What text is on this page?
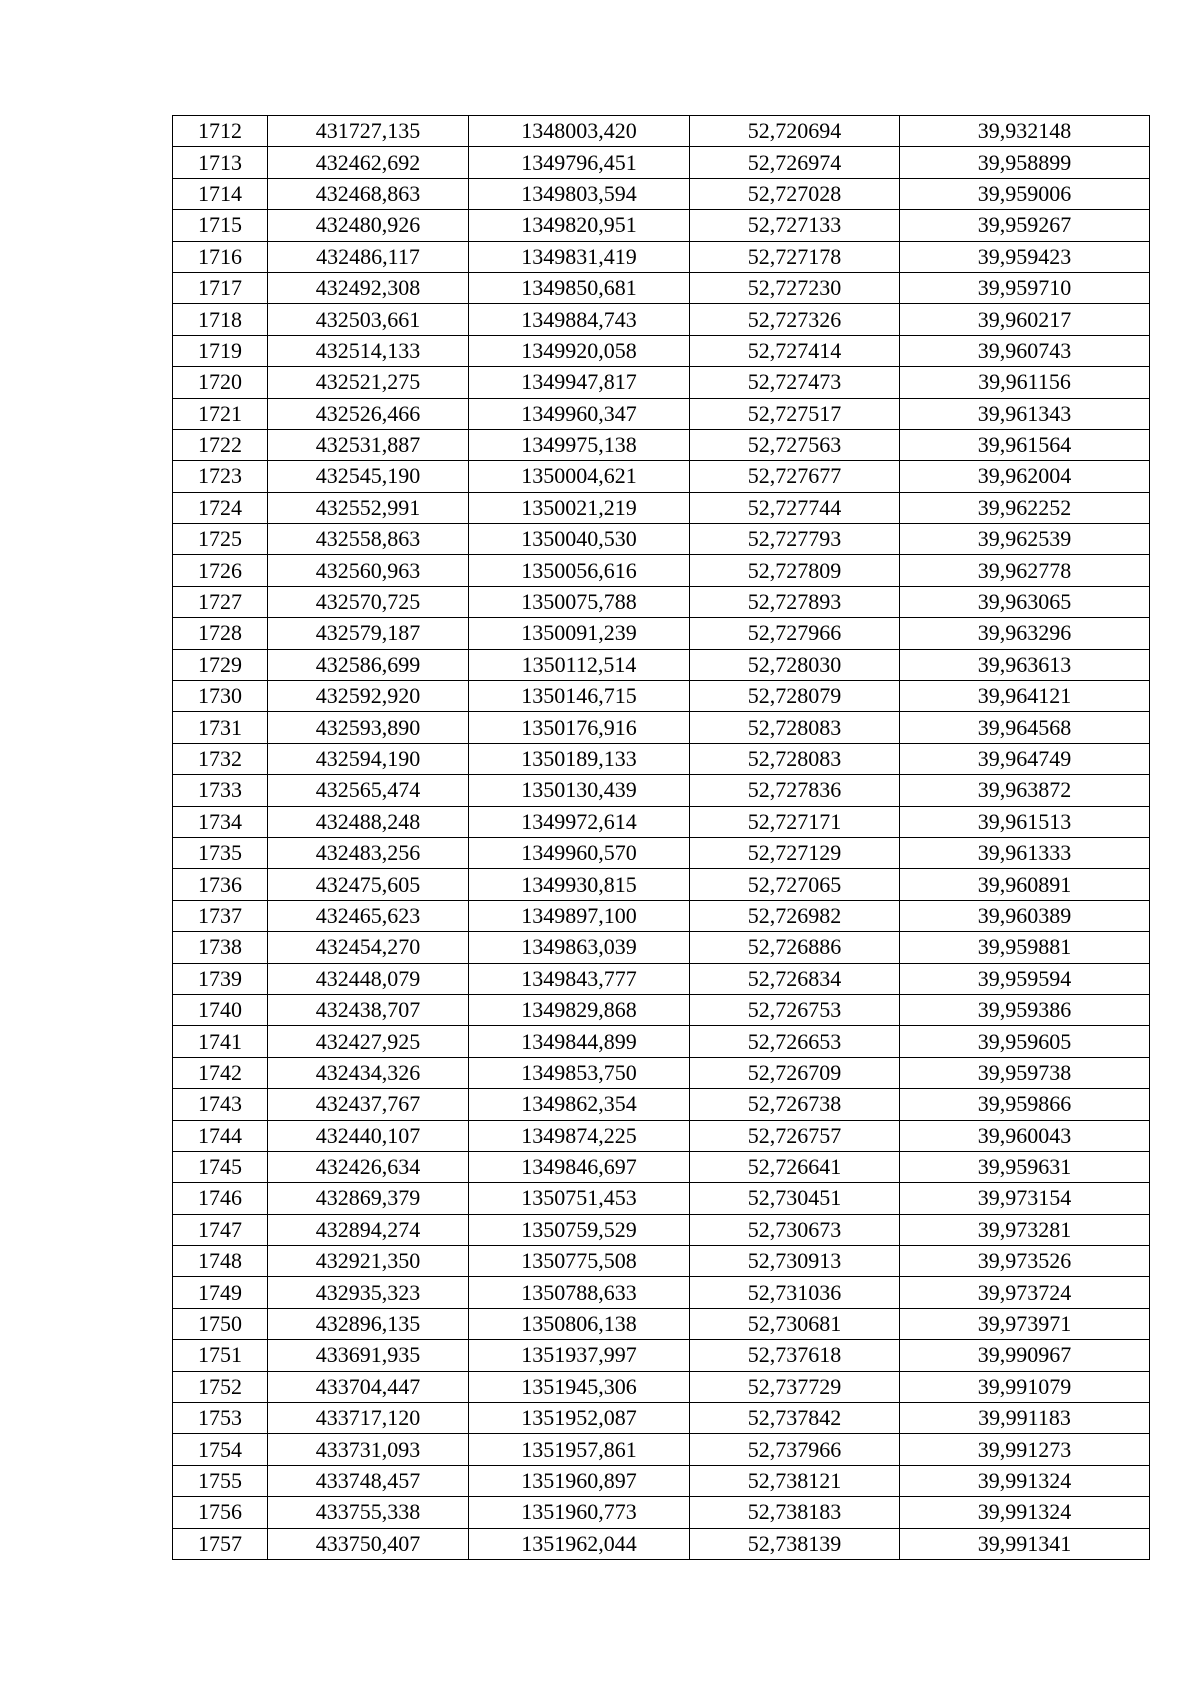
1712	431727,135	1348003,420	52,720694	39,932148
1713	432462,692	1349796,451	52,726974	39,958899
1714	432468,863	1349803,594	52,727028	39,959006
1715	432480,926	1349820,951	52,727133	39,959267
1716	432486,117	1349831,419	52,727178	39,959423
1717	432492,308	1349850,681	52,727230	39,959710
1718	432503,661	1349884,743	52,727326	39,960217
1719	432514,133	1349920,058	52,727414	39,960743
1720	432521,275	1349947,817	52,727473	39,961156
1721	432526,466	1349960,347	52,727517	39,961343
1722	432531,887	1349975,138	52,727563	39,961564
1723	432545,190	1350004,621	52,727677	39,962004
1724	432552,991	1350021,219	52,727744	39,962252
1725	432558,863	1350040,530	52,727793	39,962539
1726	432560,963	1350056,616	52,727809	39,962778
1727	432570,725	1350075,788	52,727893	39,963065
1728	432579,187	1350091,239	52,727966	39,963296
1729	432586,699	1350112,514	52,728030	39,963613
1730	432592,920	1350146,715	52,728079	39,964121
1731	432593,890	1350176,916	52,728083	39,964568
1732	432594,190	1350189,133	52,728083	39,964749
1733	432565,474	1350130,439	52,727836	39,963872
1734	432488,248	1349972,614	52,727171	39,961513
1735	432483,256	1349960,570	52,727129	39,961333
1736	432475,605	1349930,815	52,727065	39,960891
1737	432465,623	1349897,100	52,726982	39,960389
1738	432454,270	1349863,039	52,726886	39,959881
1739	432448,079	1349843,777	52,726834	39,959594
1740	432438,707	1349829,868	52,726753	39,959386
1741	432427,925	1349844,899	52,726653	39,959605
1742	432434,326	1349853,750	52,726709	39,959738
1743	432437,767	1349862,354	52,726738	39,959866
1744	432440,107	1349874,225	52,726757	39,960043
1745	432426,634	1349846,697	52,726641	39,959631
1746	432869,379	1350751,453	52,730451	39,973154
1747	432894,274	1350759,529	52,730673	39,973281
1748	432921,350	1350775,508	52,730913	39,973526
1749	432935,323	1350788,633	52,731036	39,973724
1750	432896,135	1350806,138	52,730681	39,973971
1751	433691,935	1351937,997	52,737618	39,990967
1752	433704,447	1351945,306	52,737729	39,991079
1753	433717,120	1351952,087	52,737842	39,991183
1754	433731,093	1351957,861	52,737966	39,991273
1755	433748,457	1351960,897	52,738121	39,991324
1756	433755,338	1351960,773	52,738183	39,991324
1757	433750,407	1351962,044	52,738139	39,991341
